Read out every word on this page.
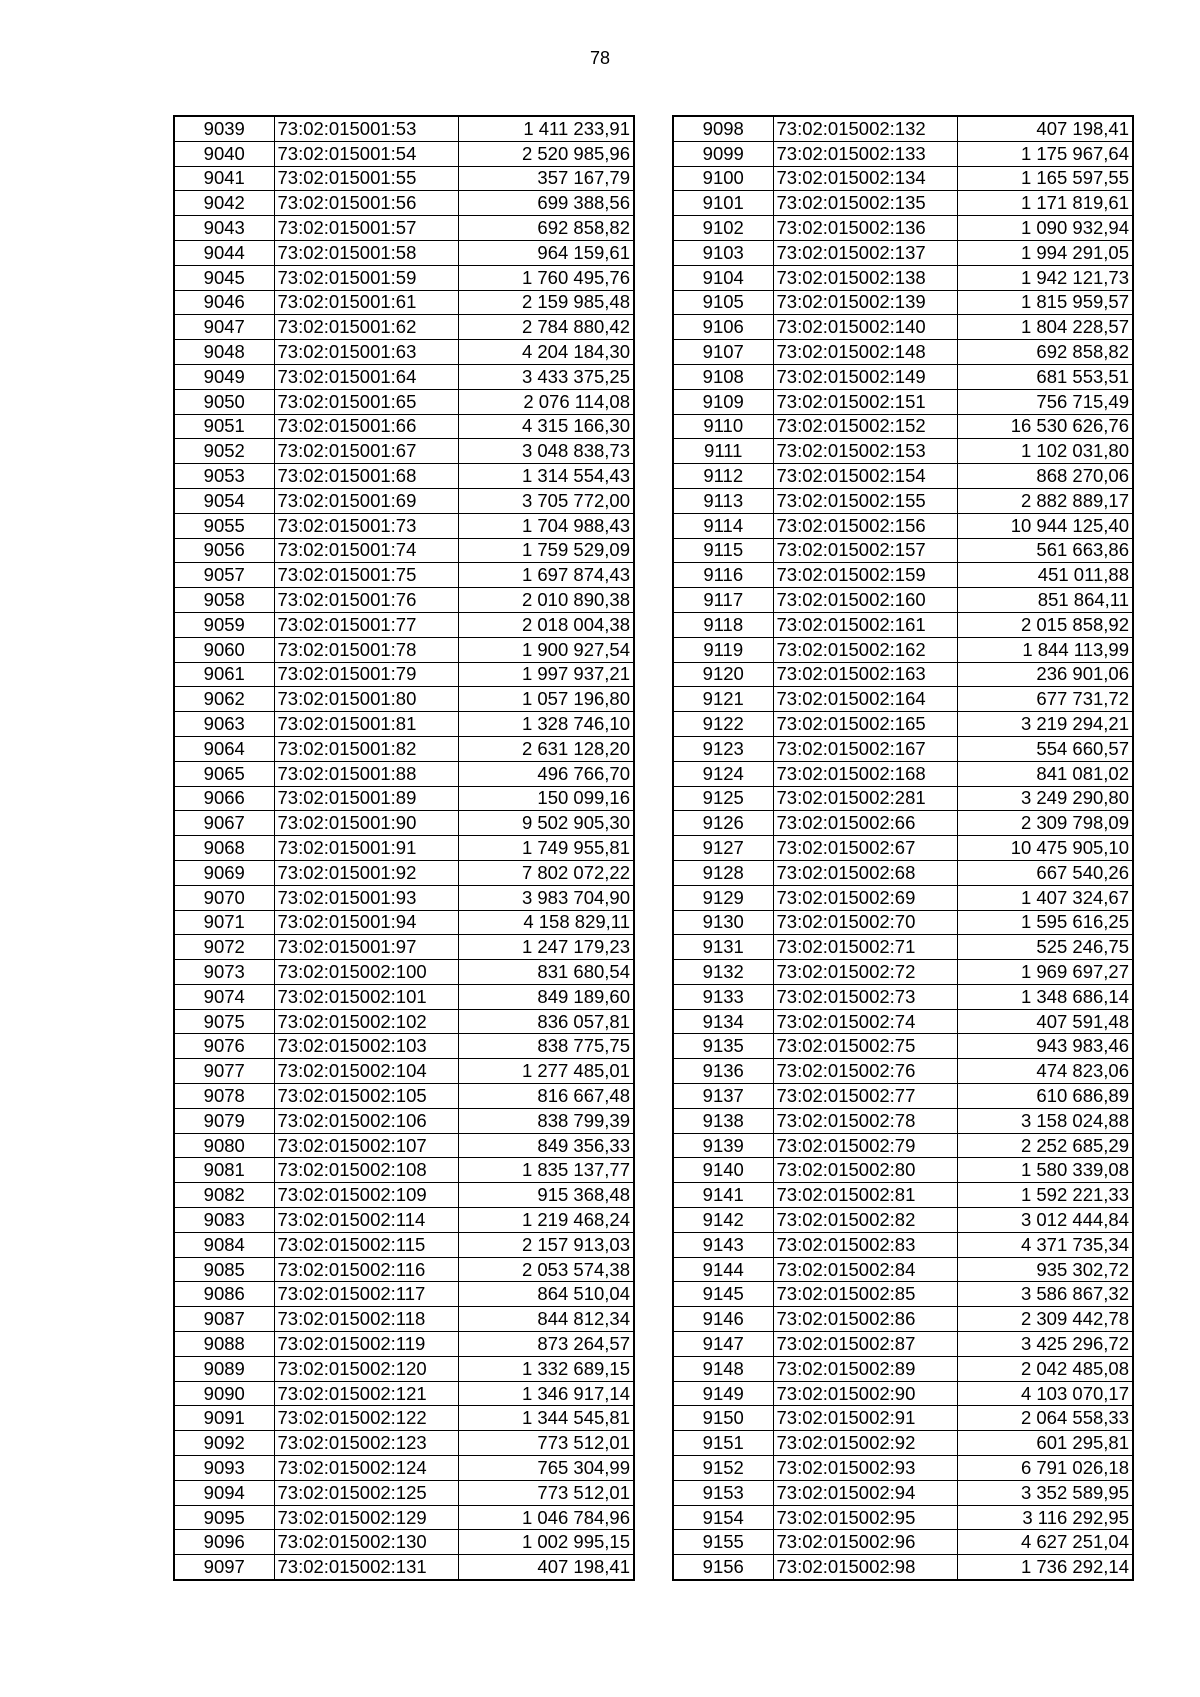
78
9039	73:02:015001:53	1 411 233,91
9040	73:02:015001:54	2 520 985,96
9041	73:02:015001:55	357 167,79
9042	73:02:015001:56	699 388,56
9043	73:02:015001:57	692 858,82
9044	73:02:015001:58	964 159,61
9045	73:02:015001:59	1 760 495,76
9046	73:02:015001:61	2 159 985,48
9047	73:02:015001:62	2 784 880,42
9048	73:02:015001:63	4 204 184,30
9049	73:02:015001:64	3 433 375,25
9050	73:02:015001:65	2 076 114,08
9051	73:02:015001:66	4 315 166,30
9052	73:02:015001:67	3 048 838,73
9053	73:02:015001:68	1 314 554,43
9054	73:02:015001:69	3 705 772,00
9055	73:02:015001:73	1 704 988,43
9056	73:02:015001:74	1 759 529,09
9057	73:02:015001:75	1 697 874,43
9058	73:02:015001:76	2 010 890,38
9059	73:02:015001:77	2 018 004,38
9060	73:02:015001:78	1 900 927,54
9061	73:02:015001:79	1 997 937,21
9062	73:02:015001:80	1 057 196,80
9063	73:02:015001:81	1 328 746,10
9064	73:02:015001:82	2 631 128,20
9065	73:02:015001:88	496 766,70
9066	73:02:015001:89	150 099,16
9067	73:02:015001:90	9 502 905,30
9068	73:02:015001:91	1 749 955,81
9069	73:02:015001:92	7 802 072,22
9070	73:02:015001:93	3 983 704,90
9071	73:02:015001:94	4 158 829,11
9072	73:02:015001:97	1 247 179,23
9073	73:02:015002:100	831 680,54
9074	73:02:015002:101	849 189,60
9075	73:02:015002:102	836 057,81
9076	73:02:015002:103	838 775,75
9077	73:02:015002:104	1 277 485,01
9078	73:02:015002:105	816 667,48
9079	73:02:015002:106	838 799,39
9080	73:02:015002:107	849 356,33
9081	73:02:015002:108	1 835 137,77
9082	73:02:015002:109	915 368,48
9083	73:02:015002:114	1 219 468,24
9084	73:02:015002:115	2 157 913,03
9085	73:02:015002:116	2 053 574,38
9086	73:02:015002:117	864 510,04
9087	73:02:015002:118	844 812,34
9088	73:02:015002:119	873 264,57
9089	73:02:015002:120	1 332 689,15
9090	73:02:015002:121	1 346 917,14
9091	73:02:015002:122	1 344 545,81
9092	73:02:015002:123	773 512,01
9093	73:02:015002:124	765 304,99
9094	73:02:015002:125	773 512,01
9095	73:02:015002:129	1 046 784,96
9096	73:02:015002:130	1 002 995,15
9097	73:02:015002:131	407 198,41
9098	73:02:015002:132	407 198,41
9099	73:02:015002:133	1 175 967,64
9100	73:02:015002:134	1 165 597,55
9101	73:02:015002:135	1 171 819,61
9102	73:02:015002:136	1 090 932,94
9103	73:02:015002:137	1 994 291,05
9104	73:02:015002:138	1 942 121,73
9105	73:02:015002:139	1 815 959,57
9106	73:02:015002:140	1 804 228,57
9107	73:02:015002:148	692 858,82
9108	73:02:015002:149	681 553,51
9109	73:02:015002:151	756 715,49
9110	73:02:015002:152	16 530 626,76
9111	73:02:015002:153	1 102 031,80
9112	73:02:015002:154	868 270,06
9113	73:02:015002:155	2 882 889,17
9114	73:02:015002:156	10 944 125,40
9115	73:02:015002:157	561 663,86
9116	73:02:015002:159	451 011,88
9117	73:02:015002:160	851 864,11
9118	73:02:015002:161	2 015 858,92
9119	73:02:015002:162	1 844 113,99
9120	73:02:015002:163	236 901,06
9121	73:02:015002:164	677 731,72
9122	73:02:015002:165	3 219 294,21
9123	73:02:015002:167	554 660,57
9124	73:02:015002:168	841 081,02
9125	73:02:015002:281	3 249 290,80
9126	73:02:015002:66	2 309 798,09
9127	73:02:015002:67	10 475 905,10
9128	73:02:015002:68	667 540,26
9129	73:02:015002:69	1 407 324,67
9130	73:02:015002:70	1 595 616,25
9131	73:02:015002:71	525 246,75
9132	73:02:015002:72	1 969 697,27
9133	73:02:015002:73	1 348 686,14
9134	73:02:015002:74	407 591,48
9135	73:02:015002:75	943 983,46
9136	73:02:015002:76	474 823,06
9137	73:02:015002:77	610 686,89
9138	73:02:015002:78	3 158 024,88
9139	73:02:015002:79	2 252 685,29
9140	73:02:015002:80	1 580 339,08
9141	73:02:015002:81	1 592 221,33
9142	73:02:015002:82	3 012 444,84
9143	73:02:015002:83	4 371 735,34
9144	73:02:015002:84	935 302,72
9145	73:02:015002:85	3 586 867,32
9146	73:02:015002:86	2 309 442,78
9147	73:02:015002:87	3 425 296,72
9148	73:02:015002:89	2 042 485,08
9149	73:02:015002:90	4 103 070,17
9150	73:02:015002:91	2 064 558,33
9151	73:02:015002:92	601 295,81
9152	73:02:015002:93	6 791 026,18
9153	73:02:015002:94	3 352 589,95
9154	73:02:015002:95	3 116 292,95
9155	73:02:015002:96	4 627 251,04
9156	73:02:015002:98	1 736 292,14
